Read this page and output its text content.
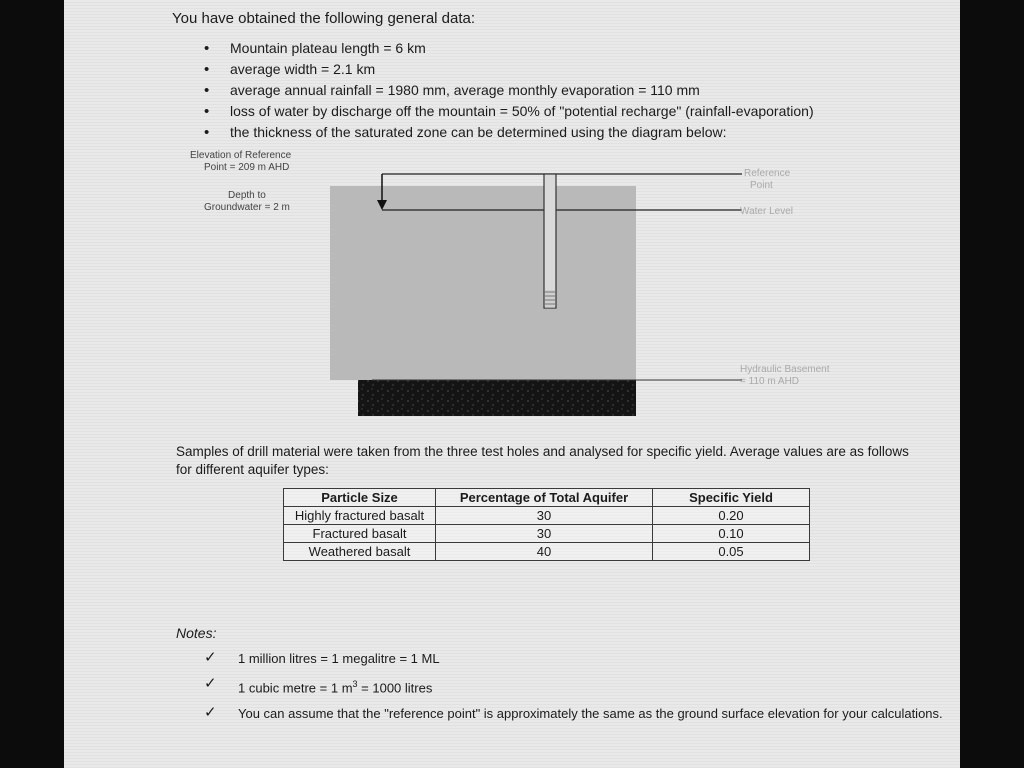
You have obtained the following general data:
• Mountain plateau length = 6 km
• average width = 2.1 km
• average annual rainfall = 1980 mm, average monthly evaporation = 110 mm
• loss of water by discharge off the mountain = 50% of "potential recharge" (rainfall-evaporation)
• the thickness of the saturated zone can be determined using the diagram below:
Elevation of Reference
Point = 209 m AHD
Depth to
Groundwater = 2 m
Reference
Point
Water Level
Hydraulic Basement
= 110 m AHD
Samples of drill material were taken from the three test holes and analysed for specific yield. Average values are as follows for different aquifer types:
Particle Size	Percentage of Total Aquifer	Specific Yield
Highly fractured basalt	30	0.20
Fractured basalt	30	0.10
Weathered basalt	40	0.05
Notes:
✓ 1 million litres = 1 megalitre = 1 ML
✓ 1 cubic metre = 1 $m^3 = 1000$ litres
✓ You can assume that the "reference point" is approximately the same as the ground surface elevation for your calculations.
